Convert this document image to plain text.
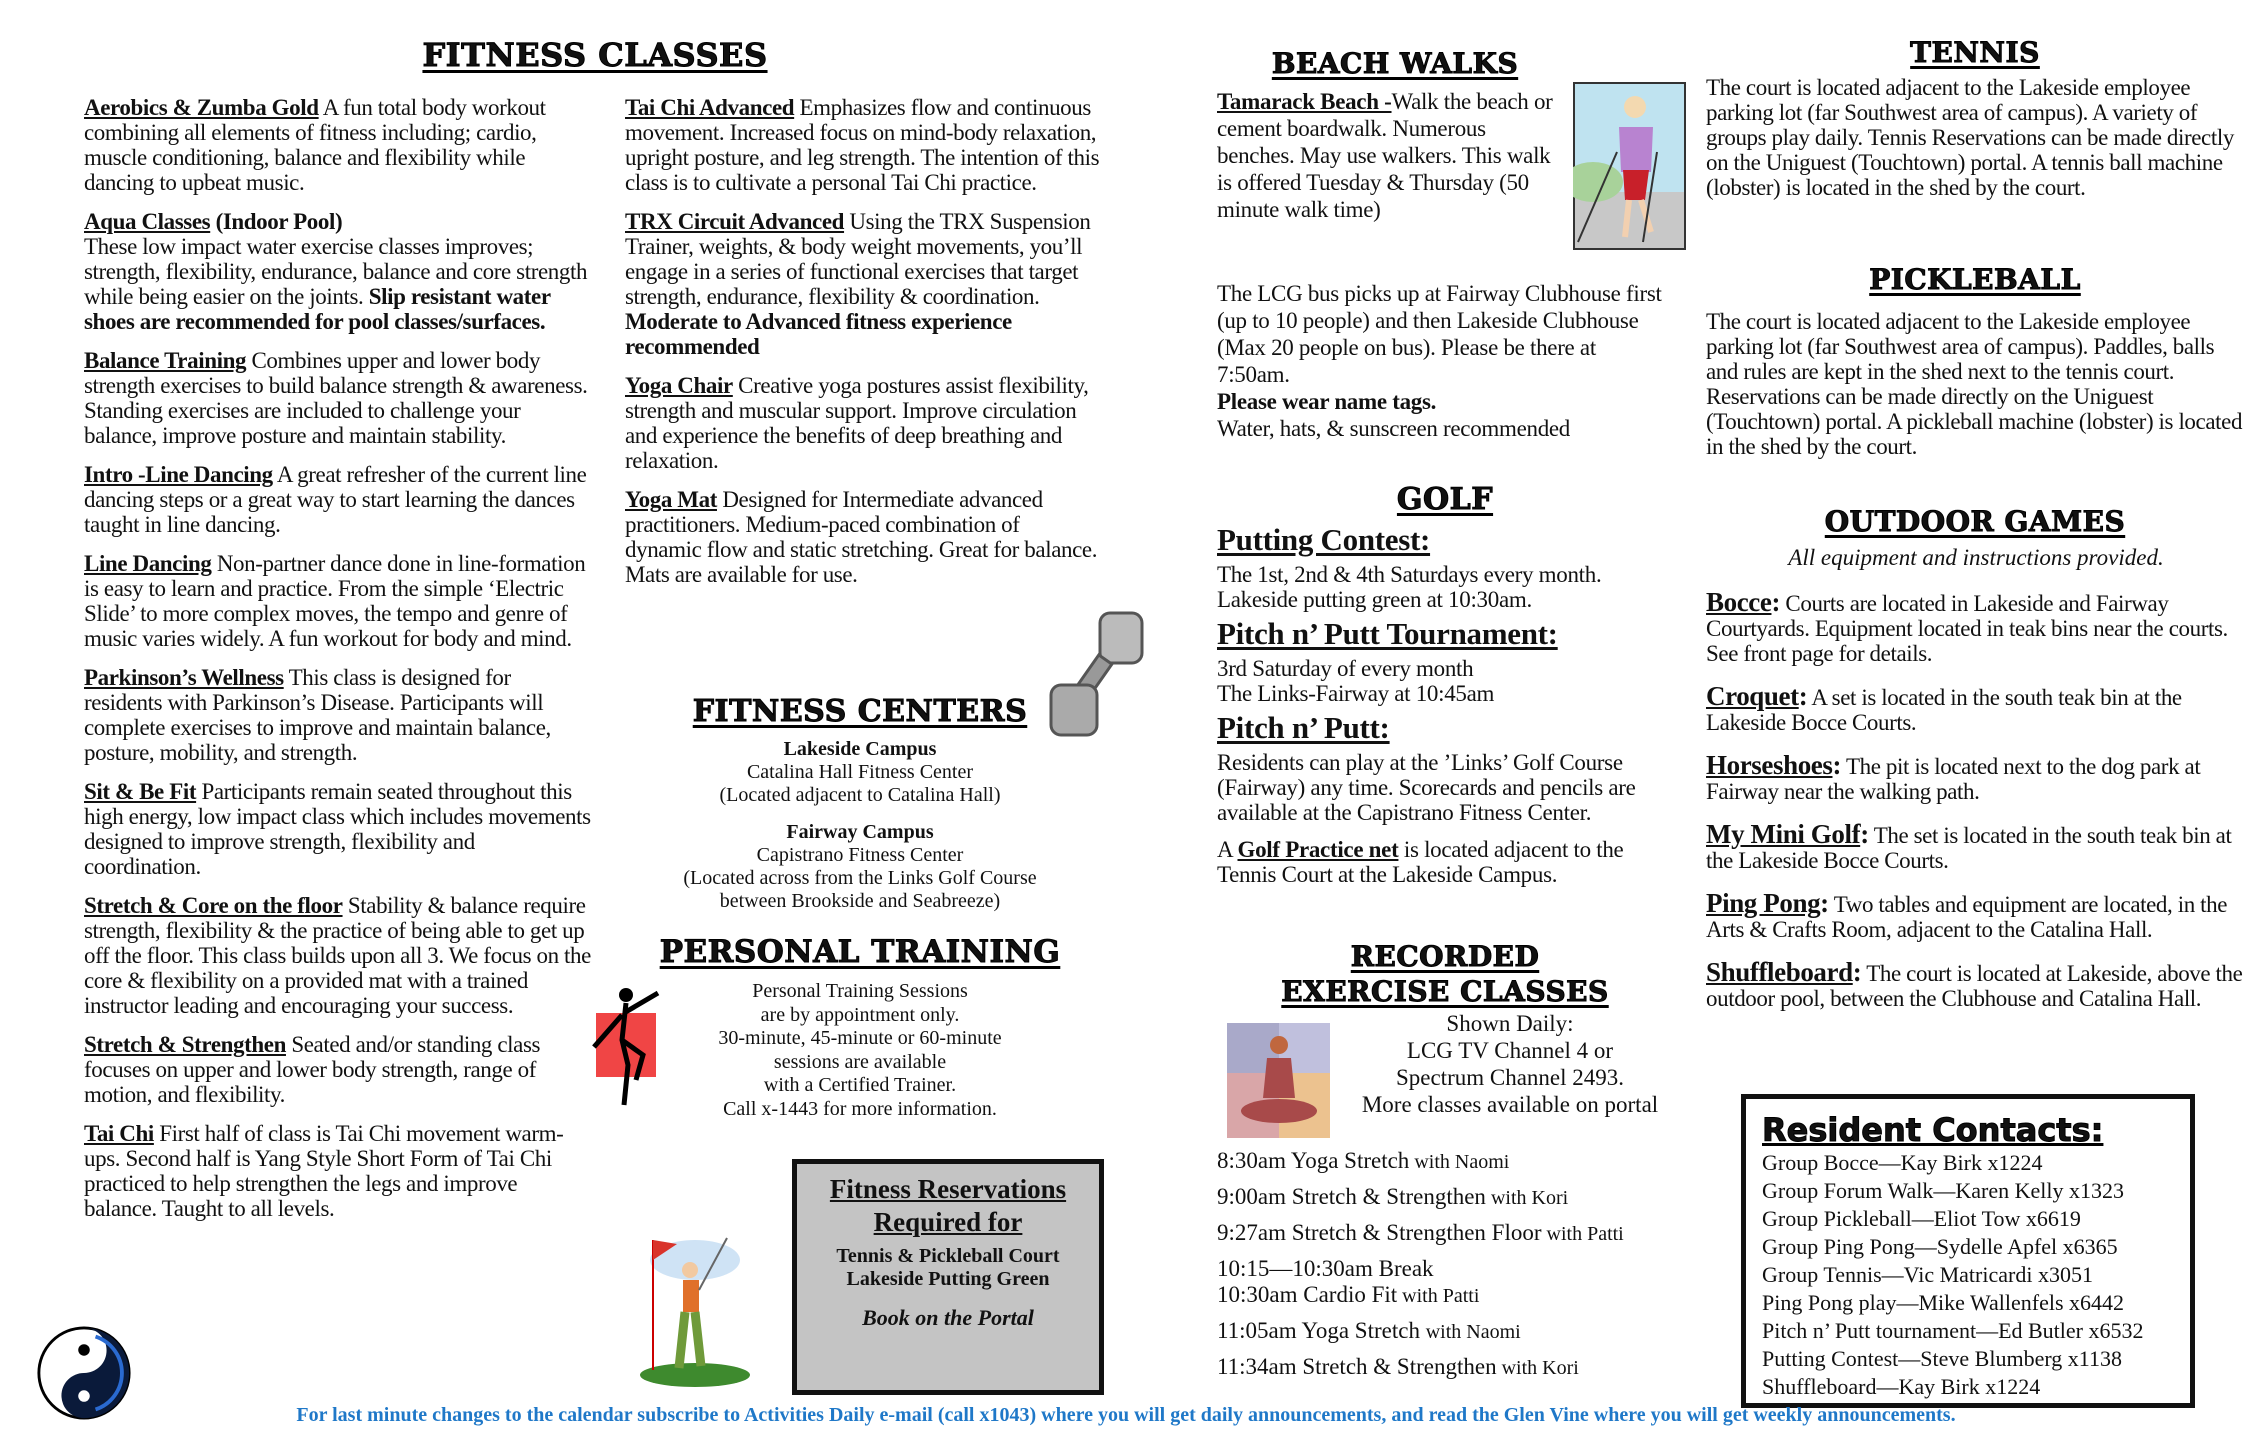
FITNESS CLASSES
Aerobics & Zumba Gold A fun total body workout combining all elements of fitness including; cardio, muscle conditioning, balance and flexibility while dancing to upbeat music.
Aqua Classes (Indoor Pool)
These low impact water exercise classes improves; strength, flexibility, endurance, balance and core strength while being easier on the joints. Slip resistant water shoes are recommended for pool classes/surfaces.
Balance Training Combines upper and lower body strength exercises to build balance strength & awareness. Standing exercises are included to challenge your balance, improve posture and maintain stability.
Intro -Line Dancing A great refresher of the current line dancing steps or a great way to start learning the dances taught in line dancing.
Line Dancing Non-partner dance done in line-formation is easy to learn and practice. From the simple ‘Electric Slide’ to more complex moves, the tempo and genre of music varies widely. A fun workout for body and mind.
Parkinson’s Wellness This class is designed for residents with Parkinson’s Disease. Participants will complete exercises to improve and maintain balance, posture, mobility, and strength.
Sit & Be Fit Participants remain seated throughout this high energy, low impact class which includes movements designed to improve strength, flexibility and coordination.
Stretch & Core on the floor Stability & balance require strength, flexibility & the practice of being able to get up off the floor. This class builds upon all 3. We focus on the core & flexibility on a provided mat with a trained instructor leading and encouraging your success.
Stretch & Strengthen Seated and/or standing class focuses on upper and lower body strength, range of motion, and flexibility.
Tai Chi First half of class is Tai Chi movement warm-ups. Second half is Yang Style Short Form of Tai Chi practiced to help strengthen the legs and improve balance. Taught to all levels.
Tai Chi Advanced Emphasizes flow and continuous movement. Increased focus on mind-body relaxation, upright posture, and leg strength. The intention of this class is to cultivate a personal Tai Chi practice.
TRX Circuit Advanced Using the TRX Suspension Trainer, weights, & body weight movements, you’ll engage in a series of functional exercises that target strength, endurance, flexibility & coordination.
Moderate to Advanced fitness experience recommended
Yoga Chair Creative yoga postures assist flexibility, strength and muscular support. Improve circulation and experience the benefits of deep breathing and relaxation.
Yoga Mat Designed for Intermediate advanced practitioners. Medium-paced combination of dynamic flow and static stretching. Great for balance. Mats are available for use.
FITNESS CENTERS
Lakeside Campus
Catalina Hall Fitness Center
(Located adjacent to Catalina Hall)
Fairway Campus
Capistrano Fitness Center
(Located across from the Links Golf Course
between Brookside and Seabreeze)
PERSONAL TRAINING
Personal Training Sessions
are by appointment only.
30-minute, 45-minute or 60-minute
sessions are available
with a Certified Trainer.
Call x-1443 for more information.
Fitness Reservations
Required for
Tennis & Pickleball Court
Lakeside Putting Green
Book on the Portal
BEACH WALKS
Tamarack Beach -Walk the beach or cement boardwalk. Numerous benches. May use walkers. This walk is offered Tuesday & Thursday (50 minute walk time)
The LCG bus picks up at Fairway Clubhouse first (up to 10 people) and then Lakeside Clubhouse (Max 20 people on bus). Please be there at 7:50am.
Please wear name tags.
Water, hats, & sunscreen recommended
GOLF
Putting Contest:
The 1st, 2nd & 4th Saturdays every month.
Lakeside putting green at 10:30am.
Pitch n’ Putt Tournament:
3rd Saturday of every month
The Links-Fairway at 10:45am
Pitch n’ Putt:
Residents can play at the ’Links’ Golf Course (Fairway) any time. Scorecards and pencils are available at the Capistrano Fitness Center.
A Golf Practice net is located adjacent to the Tennis Court at the Lakeside Campus.
RECORDED
EXERCISE CLASSES
Shown Daily:
LCG TV Channel 4 or
Spectrum Channel 2493.
More classes available on portal
8:30am Yoga Stretch with Naomi
9:00am Stretch & Strengthen with Kori
9:27am Stretch & Strengthen Floor with Patti
10:15—10:30am Break
10:30am Cardio Fit with Patti
11:05am Yoga Stretch with Naomi
11:34am Stretch & Strengthen with Kori
TENNIS
The court is located adjacent to the Lakeside employee parking lot (far Southwest area of campus). A variety of groups play daily. Tennis Reservations can be made directly on the Uniguest (Touchtown) portal. A tennis ball machine (lobster) is located in the shed by the court.
PICKLEBALL
The court is located adjacent to the Lakeside employee parking lot (far Southwest area of campus). Paddles, balls and rules are kept in the shed next to the tennis court. Reservations can be made directly on the Uniguest (Touchtown) portal. A pickleball machine (lobster) is located in the shed by the court.
OUTDOOR GAMES
All equipment and instructions provided.
Bocce: Courts are located in Lakeside and Fairway Courtyards. Equipment located in teak bins near the courts. See front page for details.
Croquet: A set is located in the south teak bin at the Lakeside Bocce Courts.
Horseshoes: The pit is located next to the dog park at Fairway near the walking path.
My Mini Golf: The set is located in the south teak bin at the Lakeside Bocce Courts.
Ping Pong: Two tables and equipment are located, in the Arts & Crafts Room, adjacent to the Catalina Hall.
Shuffleboard: The court is located at Lakeside, above the outdoor pool, between the Clubhouse and Catalina Hall.
Resident Contacts:
Group Bocce—Kay Birk x1224
Group Forum Walk—Karen Kelly x1323
Group Pickleball—Eliot Tow x6619
Group Ping Pong—Sydelle Apfel x6365
Group Tennis—Vic Matricardi x3051
Ping Pong play—Mike Wallenfels x6442
Pitch n’ Putt tournament—Ed Butler x6532
Putting Contest—Steve Blumberg x1138
Shuffleboard—Kay Birk x1224
For last minute changes to the calendar subscribe to Activities Daily e-mail (call x1043) where you will get daily announcements, and read the Glen Vine where you will get weekly announcements.
